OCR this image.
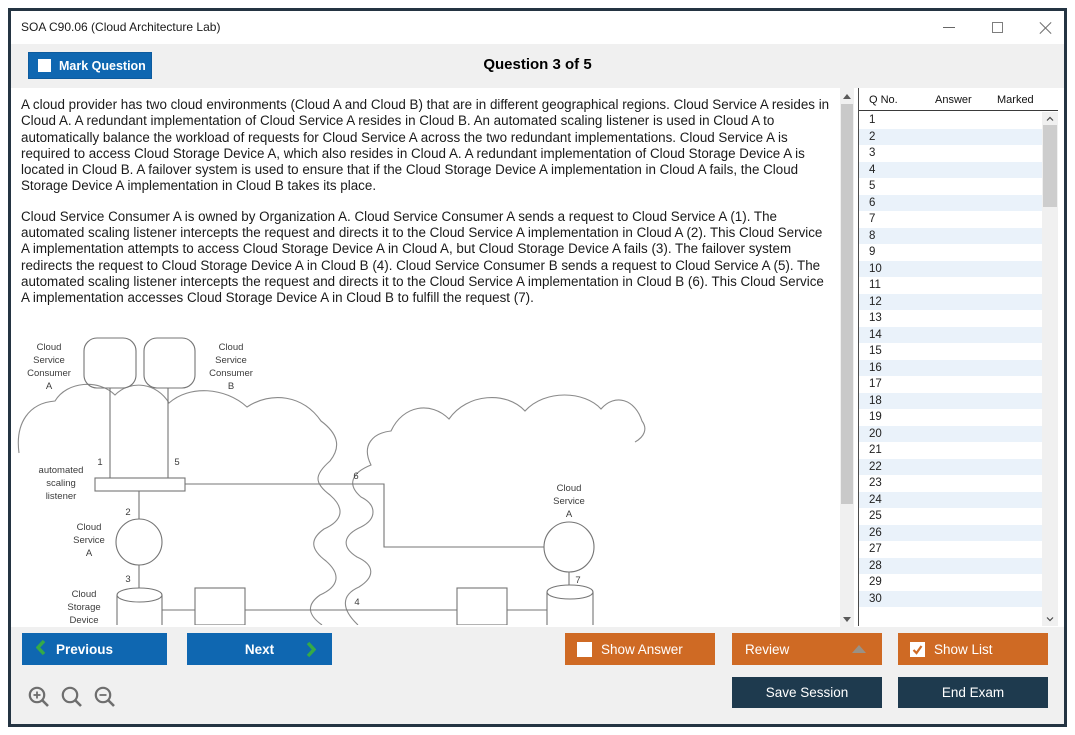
SOA C90.06 (Cloud Architecture Lab)
Mark Question	Question 3 of 5

A cloud provider has two cloud environments (Cloud A and Cloud B) that are in different geographical regions. Cloud Service A resides in Cloud A. A redundant implementation of Cloud Service A resides in Cloud B. An automated scaling listener is used in Cloud A to automatically balance the workload of requests for Cloud Service A across the two redundant implementations. Cloud Service A is required to access Cloud Storage Device A, which also resides in Cloud A. A redundant implementation of Cloud Storage Device A is located in Cloud B. A failover system is used to ensure that if the Cloud Storage Device A implementation in Cloud A fails, the Cloud Storage Device A implementation in Cloud B takes its place.

Cloud Service Consumer A is owned by Organization A. Cloud Service Consumer A sends a request to Cloud Service A (1). The automated scaling listener intercepts the request and directs it to the Cloud Service A implementation in Cloud A (2). This Cloud Service A implementation attempts to access Cloud Storage Device A in Cloud A, but Cloud Storage Device A fails (3). The failover system redirects the request to Cloud Storage Device A in Cloud B (4). Cloud Service Consumer B sends a request to Cloud Service A (5). The automated scaling listener intercepts the request and directs it to the Cloud Service A implementation in Cloud B (6). This Cloud Service A implementation accesses Cloud Storage Device A in Cloud B to fulfill the request (7).

Cloud
Service
Consumer
A
Cloud
Service
Consumer
B
automated
scaling
listener
Cloud
Service
A
Cloud
Storage
Device
Cloud
Service
A
1
2
3
4
5
6
7
Q No.	Answer Marked
1
2
3
4
5
6
7
8
9
10
11
12
13
14
15
16
17
18
19
20
21
22
23
24
25
26
27
28
29
30
Previous	Next	Show Answer	Review	Show List
Save Session	End Exam
